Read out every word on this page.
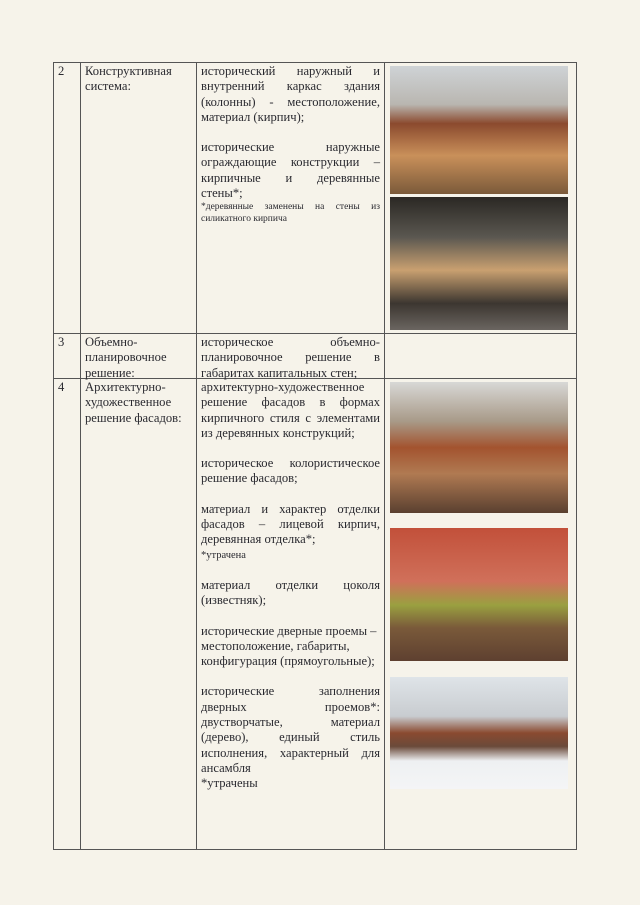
2	Конструктивная система:
исторический наружный и внутренний каркас здания (колонны) - местоположение, материал (кирпич);
исторические наружные ограждающие конструкции – кирпичные и деревянные стены*;
*деревянные заменены на стены из силикатного кирпича
3	Объемно-планировочное решение:
историческое объемно-планировочное решение в габаритах капитальных стен;
4	Архитектурно-художественное решение фасадов:
архитектурно-художественное решение фасадов в формах кирпичного стиля с элементами из деревянных конструкций;
историческое колористическое решение фасадов;
материал и характер отделки фасадов – лицевой кирпич, деревянная отделка*;
*утрачена
материал отделки цоколя (известняк);
исторические дверные проемы – местоположение, габариты, конфигурация (прямоугольные);
исторические заполнения дверных проемов*: двустворчатые, материал (дерево), единый стиль исполнения, характерный для ансамбля
*утрачены
